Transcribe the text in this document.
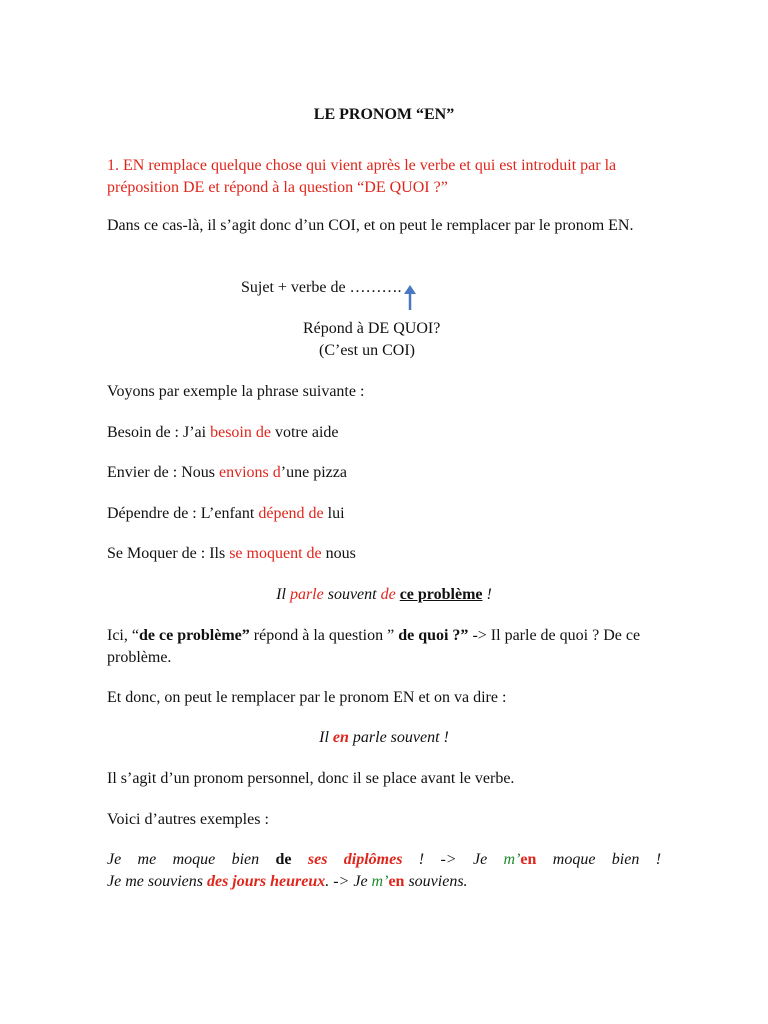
LE PRONOM “EN”

1. EN remplace quelque chose qui vient après le verbe et qui est introduit par la préposition DE et répond à la question “DE QUOI ?”

Dans ce cas-là, il s’agit donc d’un COI, et on peut le remplacer par le pronom EN.

Sujet + verbe de ……….

Répond à DE QUOI?

(C’est un COI)

Voyons par exemple la phrase suivante :

Besoin de : J’ai besoin de votre aide

Envier de : Nous envions d’une pizza

Dépendre de : L’enfant dépend de lui

Se Moquer de : Ils se moquent de nous

Il parle souvent de ce problème !

Ici, “de ce problème” répond à la question ” de quoi ?” -> Il parle de quoi ? De ce problème.

Et donc, on peut le remplacer par le pronom EN et on va dire :

Il en parle souvent !

Il s’agit d’un pronom personnel, donc il se place avant le verbe.

Voici d’autres exemples :

Je me moque bien de ses diplômes ! -> Je m’en moque bien !

Je me souviens des jours heureux. -> Je m’en souviens.
